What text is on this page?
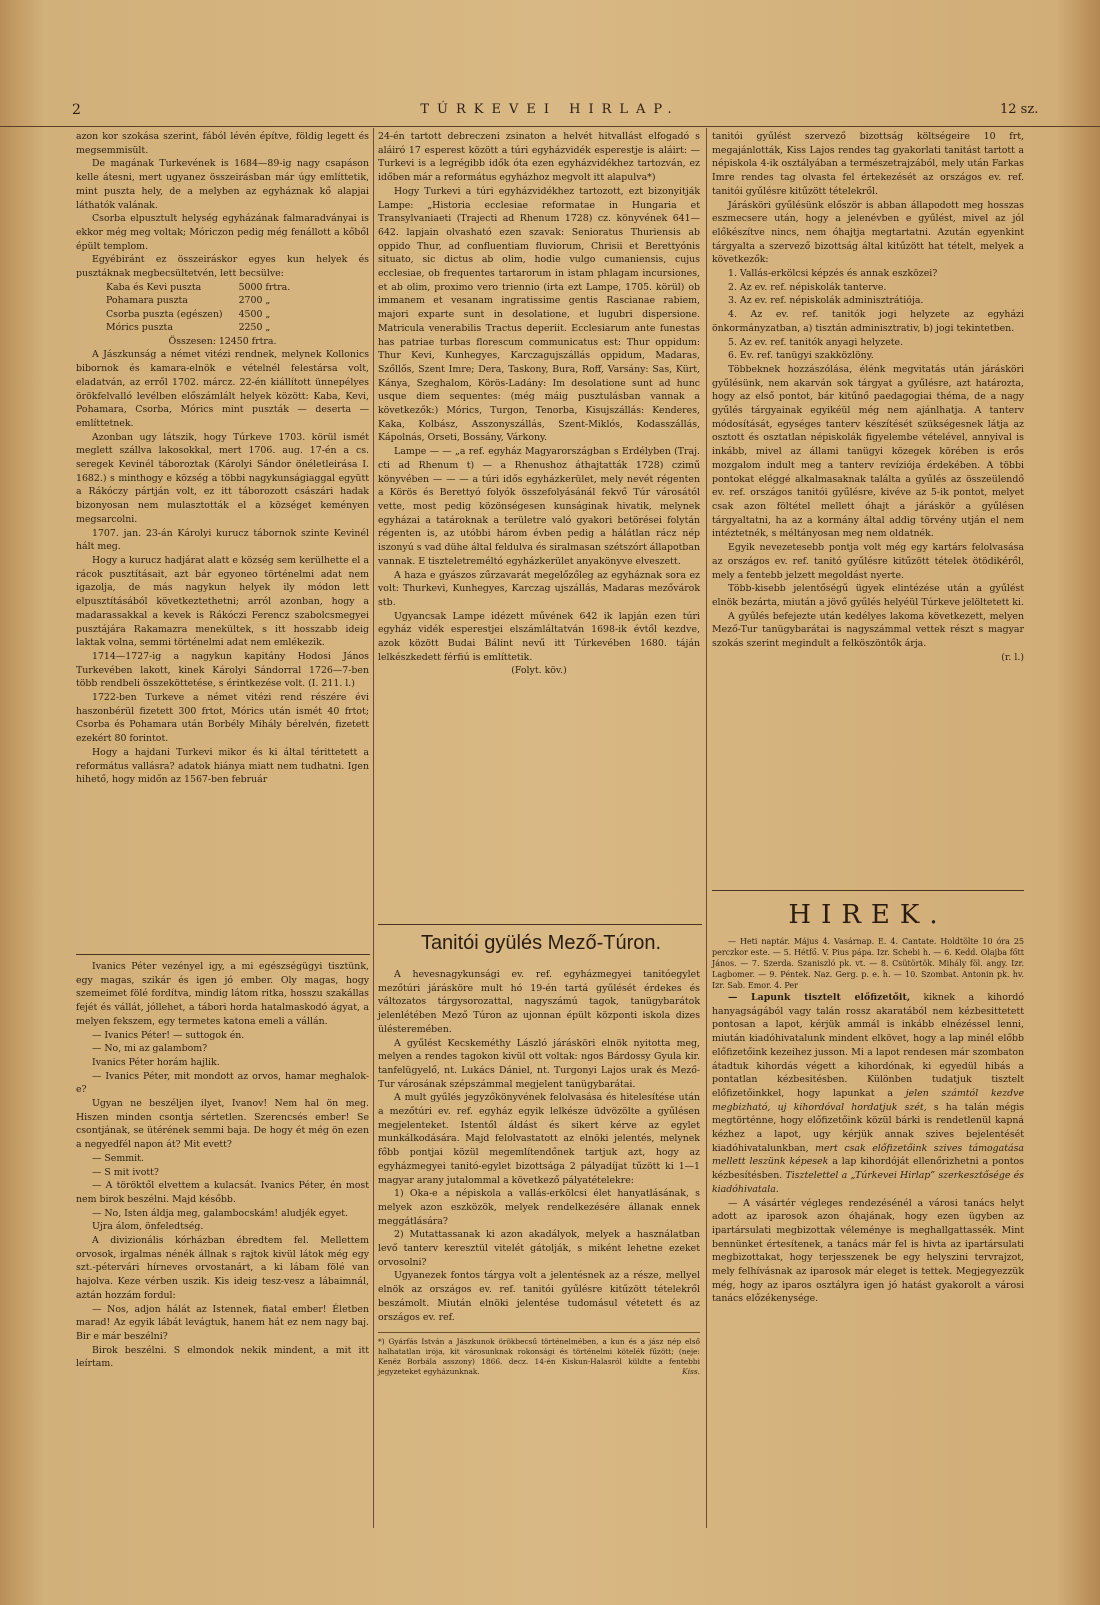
2	TÚRKEVEI HIRLAP.	12 sz.

azon kor szokása szerint, fából lévén építve, földig legett és megsemmisült.

De magának Turkevének is 1684—89-ig nagy csapáson kelle átesni, mert ugyanez összeirásban már úgy említtetik, mint puszta hely, de a melyben az egyháznak kő alapjai láthatók valának.

Csorba elpusztult helység egyházának falmaradványai is ekkor még meg voltak; Móriczon pedig még fenállott a kőből épült templom.

Egyébiránt ez összeiráskor egyes kun helyek és pusztáknak megbecsültetvén, lett becsülve:

Kaba és Kevi puszta	5000 frtra.
Pohamara puszta	2700 „
Csorba puszta (egészen)	4500 „
Mórics puszta	2250 „

Összesen: 12450 frtra.

A Jászkunság a német vitézi rendnek, melynek Kollonics bibornok és kamara-elnök e vételnél felestársa volt, eladatván, az erről 1702. márcz. 22-én kiállított ünnepélyes örökfelvalló levélben előszámlált helyek között: Kaba, Kevi, Pohamara, Csorba, Mórics mint puszták — deserta — említtetnek.

Azonban ugy látszik, hogy Túrkeve 1703. körül ismét meglett szállva lakosokkal, mert 1706. aug. 17-én a cs. seregek Kevinél táboroztak (Károlyi Sándor önéletleirása I. 1682.) s minthogy e község a többi nagykunságiaggal együtt a Rákóczy pártján volt, ez itt táborozott császári hadak bizonyosan nem mulasztották el a községet keményen megsarcolni.

1707. jan. 23-án Károlyi kurucz tábornok szinte Kevinél hált meg.

Hogy a kurucz hadjárat alatt e község sem kerülhette el a rácok pusztításait, azt bár egyoneo történelmi adat nem igazolja, de más nagykun helyek ily módon lett elpusztításából következtethetni; arról azonban, hogy a madarassakkal a kevek is Rákóczi Ferencz szabolcsmegyei pusztájára Rakamazra menekültek, s itt hosszabb ideig laktak volna, semmi történelmi adat nem emlékezik.

1714—1727-ig a nagykun kapitány Hodosi János Turkevében lakott, kinek Károlyi Sándorral 1726—7-ben több rendbeli összeköttetése, s érintkezése volt. (I. 211. l.)

1722-ben Turkeve a német vitézi rend részére évi haszonbérül fizetett 300 frtot, Mórics után ismét 40 frtot; Csorba és Pohamara után Borbély Mihály bérelvén, fizetett ezekért 80 forintot.

Hogy a hajdani Turkevi mikor és ki által térittetett a református vallásra? adatok hiánya miatt nem tudhatni. Igen hihető, hogy midőn az 1567-ben február

24-én tartott debreczeni zsinaton a helvét hitvallást elfogadó s aláiró 17 esperest között a túri egyházvidék esperestje is aláirt: — Turkevi is a legrégibb idők óta ezen egyházvidékhez tartozván, ez időben már a református egyházhoz megvolt itt alapulva*)

Hogy Turkevi a túri egyházvidékhez tartozott, ezt bizonyitják Lampe: „Historia ecclesiae reformatae in Hungaria et Transylvaniaeti (Trajecti ad Rhenum 1728) cz. könyvének 641—642. lapjain olvasható ezen szavak: Senioratus Thuriensis ab oppido Thur, ad confluentiam fluviorum, Chrisii et Berettyónis situato, sic dictus ab olim, hodie vulgo cumaniensis, cujus ecclesiae, ob frequentes tartarorum in istam phlagam incursiones, et ab olim, proximo vero triennio (irta ezt Lampe, 1705. körül) ob immanem et vesanam ingratissime gentis Rascianae rabiem, majori exparte sunt in desolatione, et lugubri dispersione. Matricula venerabilis Tractus deperiit. Ecclesiarum ante funestas has patriae turbas florescum communicatus est: Thur oppidum: Thur Kevi, Kunhegyes, Karczagujszállás oppidum, Madaras, Szőllős, Szent Imre; Dera, Taskony, Bura, Roff, Varsány: Sas, Kürt, Kánya, Szeghalom, Körös-Ladány: Im desolatione sunt ad hunc usque diem sequentes: (még máig pusztulásban vannak a következők:) Mórics, Turgon, Tenorba, Kisujszállás: Kenderes, Kaka, Kolbász, Asszonyszállás, Szent-Miklós, Kodasszállás, Kápolnás, Orseti, Bossány, Várkony.

Lampe — — „a ref. egyház Magyarországban s Erdélyben (Traj. cti ad Rhenum t) — a Rhenushoz áthajtatták 1728) czimű könyvében — — — a túri idős egyházkerület, mely nevét régenten a Körös és Berettyó folyók összefolyásánál fekvő Túr városától vette, most pedig közönségesen kunságinak hivatik, melynek egyházai a tatároknak a területre való gyakori betörései folytán régenten is, az utóbbi három évben pedig a hálátlan rácz nép iszonyú s vad dühe által feldulva és siralmasan szétszórt állapotban vannak. E tiszteletreméltó egyházkerület anyakönyve elveszett.

A haza e gyászos zűrzavarát megelőzőleg az egyháznak sora ez volt: Thurkevi, Kunhegyes, Karczag ujszállás, Madaras mezővárok stb.

Ugyancsak Lampe idézett művének 642 ik lapján ezen túri egyház vidék esperestjei elszámláltatván 1698-ik évtől kezdve, azok között Budai Bálint nevű itt Túrkevében 1680. táján lelkészkedett férfiú is említtetik.

(Folyt. köv.)

tanitói gyűlést szervező bizottság költségeire 10 frt, megajánlották, Kiss Lajos rendes tag gyakorlati tanitást tartott a népiskola 4-ik osztályában a természetrajzából, mely után Farkas Imre rendes tag olvasta fel értekezését az országos ev. ref. tanitói gyűlésre kitűzött tételekről.

Járásköri gyűlésünk először is abban állapodott meg hosszas eszmecsere után, hogy a jelenévben e gyűlést, mivel az jól előkészítve nincs, nem óhajtja megtartatni. Azután egyenkint tárgyalta a szervező bizottság által kitűzött hat tételt, melyek a következők:

1. Vallás-erkölcsi képzés és annak eszközei?

2. Az ev. ref. népiskolák tanterve.

3. Az ev. ref. népiskolák adminisztrátiója.

4. Az ev. ref. tanitók jogi helyzete az egyházi önkormányzatban, a) tisztán adminisztrativ, b) jogi tekintetben.

5. Az ev. ref. tanitók anyagi helyzete.

6. Ev. ref. tanügyi szakközlöny.

Többeknek hozzászólása, élénk megvitatás után járásköri gyűlésünk, nem akarván sok tárgyat a gyűlésre, azt határozta, hogy az első pontot, bár kitűnő paedagogiai théma, de a nagy gyűlés tárgyainak egyikéül még nem ajánlhatja. A tanterv módosítását, egységes tanterv készítését szükségesnek látja az osztott és osztatlan népiskolák figyelembe vételével, annyival is inkább, mivel az állami tanügyi közegek körében is erős mozgalom indult meg a tanterv revíziója érdekében. A többi pontokat eléggé alkalmasaknak találta a gyűlés az összeülendő ev. ref. országos tanitói gyűlésre, kivéve az 5-ik pontot, melyet csak azon föltétel mellett óhajt a járáskör a gyűlésen tárgyaltatni, ha az a kormány által addig törvény utján el nem intéztetnék, s méltányosan meg nem oldatnék.

Egyik nevezetesebb pontja volt még egy kartárs felolvasása az országos ev. ref. tanitó gyűlésre kitűzött tételek ötödikéről, mely a fentebb jelzett megoldást nyerte.

Több-kisebb jelentőségű ügyek elintézése után a gyűlést elnök bezárta, miután a jövő gyűlés helyéül Túrkeve jelöltetett ki.

A gyűlés befejezte után kedélyes lakoma következett, melyen Mező-Tur tanügybarátai is nagyszámmal vettek részt s magyar szokás szerint megindult a felköszöntők árja.

(r. l.)

Ivanics Péter vezényel igy, a mi egészségügyi tisztünk, egy magas, szikár és igen jó ember. Oly magas, hogy szemeimet fölé fordítva, mindig látom ritka, hosszu szakállas fejét és vállát, jóllehet, a tábori horda hatalmaskodó ágyat, a melyen fekszem, egy termetes katona emeli a vállán.

— Ivanics Péter! — suttogok én.

— No, mi az galambom?

Ivanics Péter horám hajlik.

— Ivanics Péter, mit mondott az orvos, hamar meghalok-e?

Ugyan ne beszéljen ilyet, Ivanov! Nem hal ön meg. Hiszen minden csontja sértetlen. Szerencsés ember! Se csontjának, se ütérének semmi baja. De hogy ét még ön ezen a negyedfél napon át? Mit evett?

— Semmit.

— S mit ivott?

— A töröktől elvettem a kulacsát. Ivanics Péter, én most nem birok beszélni. Majd később.

— No, Isten áldja meg, galambocskám! aludjék egyet.

Ujra álom, önfeledtség.

A divizionális kórházban ébredtem fel. Mellettem orvosok, irgalmas nénék állnak s rajtok kivül látok még egy szt.-pétervári hírneves orvostanárt, a ki lábam fölé van hajolva. Keze vérben uszik. Kis ideig tesz-vesz a lábaimnál, aztán hozzám fordul:

— Nos, adjon hálát az Istennek, fiatal ember! Életben marad! Az egyik lábát levágtuk, hanem hát ez nem nagy baj. Bir e már beszélni?

Birok beszélni. S elmondok nekik mindent, a mit itt leírtam.

Tanitói gyülés Mező-Túron.

A hevesnagykunsági ev. ref. egyházmegyei tanitóegylet mezőtúri járásköre mult hó 19-én tartá gyűlését érdekes és változatos tárgysorozattal, nagyszámú tagok, tanügybarátok jelenlétében Mező Túron az ujonnan épült központi iskola dizes ülésteremében.

A gyűlést Kecskeméthy László járásköri elnök nyitotta meg, melyen a rendes tagokon kivül ott voltak: ngos Bárdossy Gyula kir. tanfelügyelő, nt. Lukács Dániel, nt. Turgonyi Lajos urak és Mező-Tur városának szépszámmal megjelent tanügybarátai.

A mult gyűlés jegyzőkönyvének felolvasása és hitelesítése után a mezőtúri ev. ref. egyház egyik lelkésze üdvözölte a gyűlésen megjelenteket. Istentől áldást és sikert kérve az egylet munkálkodására. Majd felolvastatott az elnöki jelentés, melynek főbb pontjai közül megemlítendőnek tartjuk azt, hogy az egyházmegyei tanitó-egylet bizottsága 2 pályadíjat tűzött ki 1—1 magyar arany jutalommal a következő pályatételekre:

1) Oka-e a népiskola a vallás-erkölcsi élet hanyatlásának, s melyek azon eszközök, melyek rendelkezésére állanak ennek meggátlására?

2) Mutattassanak ki azon akadályok, melyek a használatban levő tanterv keresztül vitelét gátolják, s miként lehetne ezeket orvosolni?

Ugyanezek fontos tárgya volt a jelentésnek az a része, mellyel elnök az országos ev. ref. tanitói gyűlésre kitűzött tételekről beszámolt. Miután elnöki jelentése tudomásul vétetett és az országos ev. ref.

*) Gyárfás István a Jászkunok örökbecsű történelmében, a kun és a jász nép első halhatatlan irója, kit városunknak rokonsági és történelmi kötelék fűzött; (neje: Kenéz Borbála asszony) 1866. decz. 14-én Kiskun-Halasról küldte a fentebbi jegyzeteket egyházunknak.	Kiss.
HIREK.

— Heti naptár. Május 4. Vasárnap. E. 4. Cantate. Holdtölte 10 óra 25 perczkor este. — 5. Hétfő. V. Pius pápa. Izr. Schebi h. — 6. Kedd. Olajba főtt János. — 7. Szerda. Szaniszló pk. vt. — 8. Csütörtök. Mihály föl. angy. Izr. Lagbomer. — 9. Péntek. Naz. Gerg. p. e. h. — 10. Szombat. Antonin pk. hv. Izr. Sab. Emor. 4. Per

— Lapunk tisztelt előfizetőit, kiknek a kihordó hanyagságából vagy talán rossz akaratából nem kézbesittetett pontosan a lapot, kérjük ammál is inkább elnézéssel lenni, miután kiadóhivatalunk mindent elkövet, hogy a lap minél előbb előfizetőink kezeihez jusson. Mi a lapot rendesen már szombaton átadtuk kihordás végett a kihordónak, ki egyedül hibás a pontatlan kézbesitésben. Különben tudatjuk tisztelt előfizetőinkkel, hogy lapunkat a jelen számtól kezdve megbizható, uj kihordóval hordatjuk szét, s ha talán mégis megtörténne, hogy előfizetőink közül bárki is rendetlenül kapná kézhez a lapot, ugy kérjük annak szives bejelentését kiadóhivatalunkban, mert csak előfizetőink szives támogatása mellett leszünk képesek a lap kihordóját ellenőrizhetni a pontos kézbesítésben. Tisztelettel a „Túrkevei Hirlap” szerkesztősége és kiadóhivatala.

— A vásártér végleges rendezésénél a városi tanács helyt adott az iparosok azon óhajának, hogy ezen ügyben az ipartársulati megbizottak véleménye is meghallgattassék. Mint bennünket értesítenek, a tanács már fel is hivta az ipartársulati megbizottakat, hogy terjesszenek be egy helyszini tervrajzot, mely felhívásnak az iparosok már eleget is tettek. Megjegyezzük még, hogy az iparos osztályra igen jó hatást gyakorolt a városi tanács előzékenysége.
